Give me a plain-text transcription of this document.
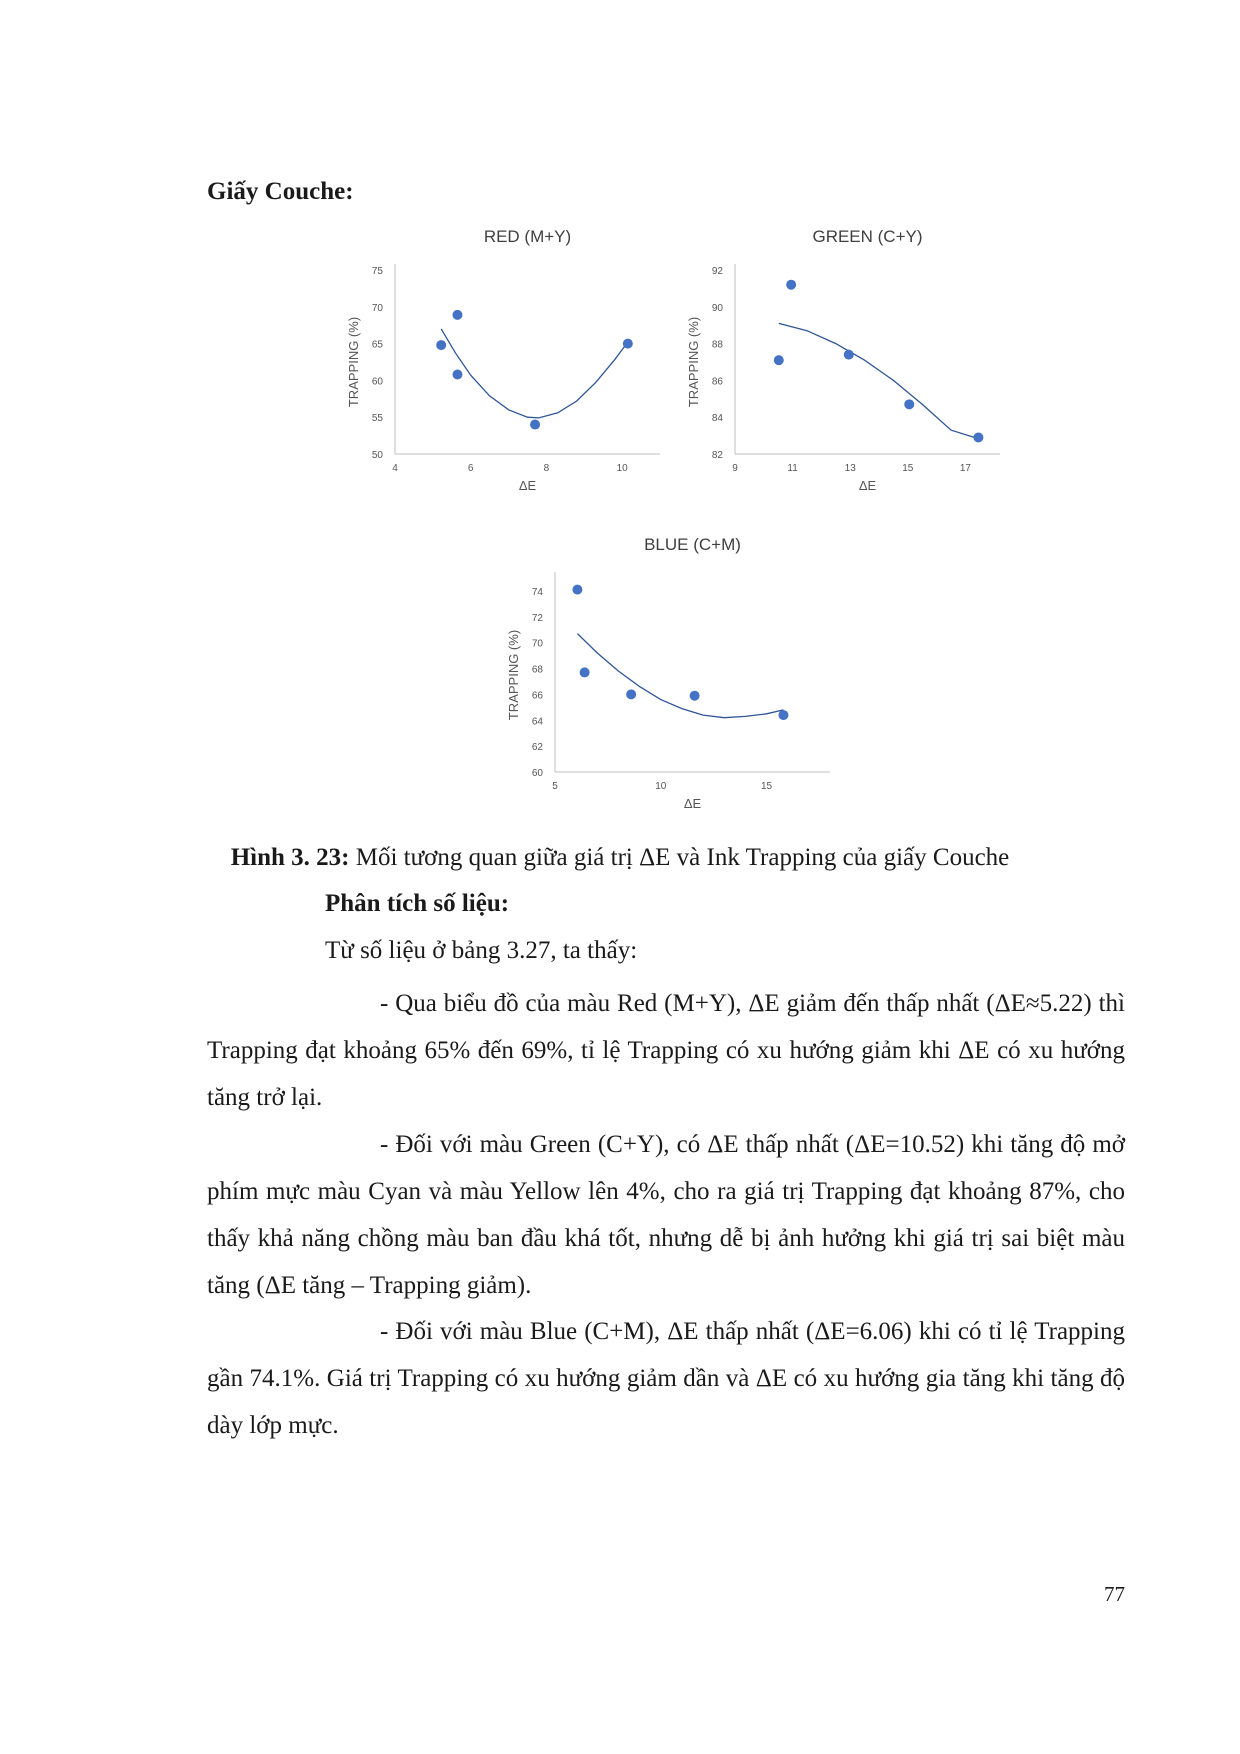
Giấy Couche:
RED (M+Y)
50
55
60
65
70
75
4	6	8	10
ΔE
TRAPPING (%)
GREEN (C+Y)
82
84
86
88
90
92
9	11	13	15	17
ΔE
TRAPPING (%)
BLUE (C+M)
60
62
64
66
68
70
72
74
5	10	15
ΔE
TRAPPING (%)

Hình 3. 23: Mối tương quan giữa giá trị ΔE và Ink Trapping của giấy Couche

Phân tích số liệu:

Từ số liệu ở bảng 3.27, ta thấy:

- Qua biểu đồ của màu Red (M+Y), ΔE giảm đến thấp nhất (ΔE≈5.22) thì Trapping đạt khoảng 65% đến 69%, tỉ lệ Trapping có xu hướng giảm khi ΔE có xu hướng tăng trở lại.

- Đối với màu Green (C+Y), có ΔE thấp nhất (ΔE=10.52) khi tăng độ mở phím mực màu Cyan và màu Yellow lên 4%, cho ra giá trị Trapping đạt khoảng 87%, cho thấy khả năng chồng màu ban đầu khá tốt, nhưng dễ bị ảnh hưởng khi giá trị sai biệt màu tăng (ΔE tăng – Trapping giảm).

- Đối với màu Blue (C+M), ΔE thấp nhất (ΔE=6.06) khi có tỉ lệ Trapping gần 74.1%. Giá trị Trapping có xu hướng giảm dần và ΔE có xu hướng gia tăng khi tăng độ dày lớp mực.

77
